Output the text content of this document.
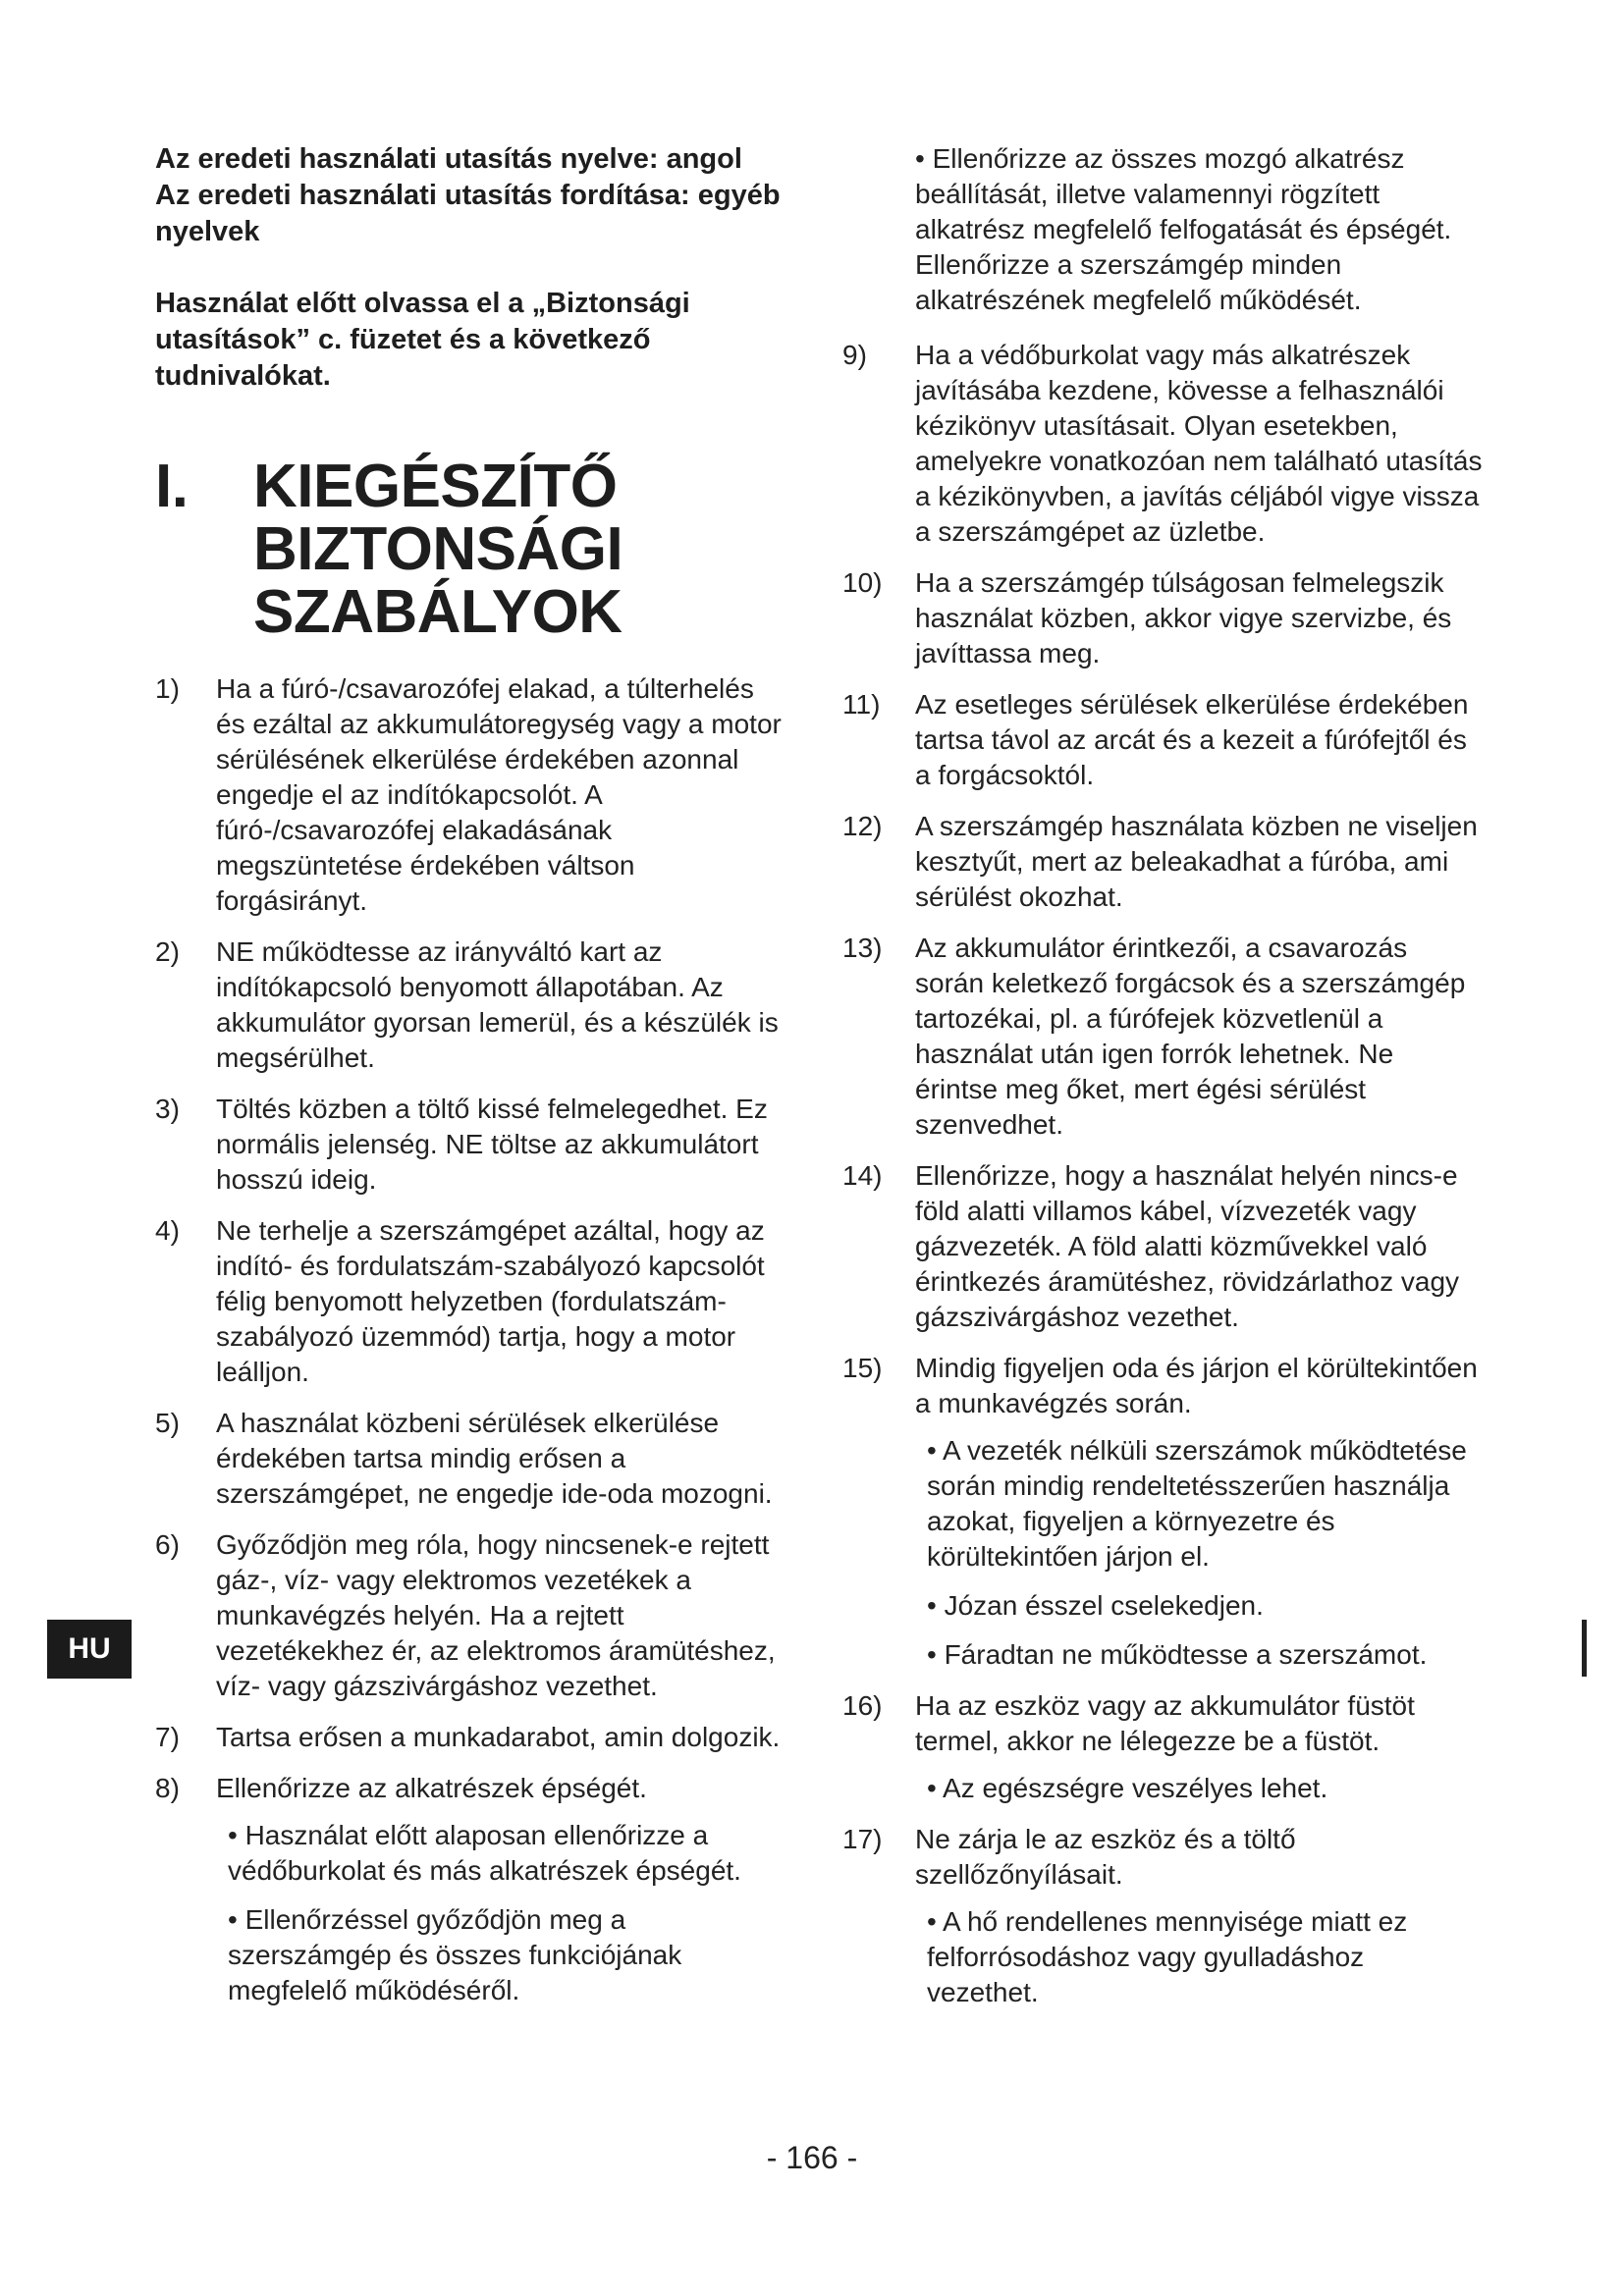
Az eredeti használati utasítás nyelve: angol Az eredeti használati utasítás fordítása: egyéb nyelvek

Használat előtt olvassa el a „Biztonsági utasítások” c. füzetet és a következő tudnivalókat.

I.	KIEGÉSZÍTŐ
BIZTONSÁGI
SZABÁLYOK
1) Ha a fúró-/csavarozófej elakad, a túlterhelés és ezáltal az akkumulátoregység vagy a motor sérülésének elkerülése érdekében azonnal engedje el az indítókapcsolót. A fúró-/csavarozófej elakadásának megszüntetése érdekében váltson forgásirányt.

2) NE működtesse az irányváltó kart az indítókapcsoló benyomott állapotában. Az akkumulátor gyorsan lemerül, és a készülék is megsérülhet.

3) Töltés közben a töltő kissé felmelegedhet. Ez normális jelenség. NE töltse az akkumulátort hosszú ideig.

4) Ne terhelje a szerszámgépet azáltal, hogy az indító- és fordulatszám-szabályozó kapcsolót félig benyomott helyzetben (fordulatszám-szabályozó üzemmód) tartja, hogy a motor leálljon.

5) A használat közbeni sérülések elkerülése érdekében tartsa mindig erősen a szerszámgépet, ne engedje ide-oda mozogni.

6) Győződjön meg róla, hogy nincsenek-e rejtett gáz-, víz- vagy elektromos vezetékek a munkavégzés helyén. Ha a rejtett vezetékekhez ér, az elektromos áramütéshez, víz- vagy gázszivárgáshoz vezethet.

7) Tartsa erősen a munkadarabot, amin dolgozik.

8) Ellenőrizze az alkatrészek épségét.

• Használat előtt alaposan ellenőrizze a védőburkolat és más alkatrészek épségét.

• Ellenőrzéssel győződjön meg a szerszámgép és összes funkciójának megfelelő működéséről.

• Ellenőrizze az összes mozgó alkatrész beállítását, illetve valamennyi rögzített alkatrész megfelelő felfogatását és épségét. Ellenőrizze a szerszámgép minden alkatrészének megfelelő működését.

9) Ha a védőburkolat vagy más alkatrészek javításába kezdene, kövesse a felhasználói kézikönyv utasításait. Olyan esetekben, amelyekre vonatkozóan nem található utasítás a kézikönyvben, a javítás céljából vigye vissza a szerszámgépet az üzletbe.

10) Ha a szerszámgép túlságosan felmelegszik használat közben, akkor vigye szervizbe, és javíttassa meg.

11) Az esetleges sérülések elkerülése érdekében tartsa távol az arcát és a kezeit a fúrófejtől és a forgácsoktól.

12) A szerszámgép használata közben ne viseljen kesztyűt, mert az beleakadhat a fúróba, ami sérülést okozhat.

13) Az akkumulátor érintkezői, a csavarozás során keletkező forgácsok és a szerszámgép tartozékai, pl. a fúrófejek közvetlenül a használat után igen forrók lehetnek. Ne érintse meg őket, mert égési sérülést szenvedhet.

14) Ellenőrizze, hogy a használat helyén nincs-e föld alatti villamos kábel, vízvezeték vagy gázvezeték. A föld alatti közművekkel való érintkezés áramütéshez, rövidzárlathoz vagy gázszivárgáshoz vezethet.

15) Mindig figyeljen oda és járjon el körültekintően a munkavégzés során.

• A vezeték nélküli szerszámok működtetése során mindig rendeltetésszerűen használja azokat, figyeljen a környezetre és körültekintően járjon el.

• Józan ésszel cselekedjen.

• Fáradtan ne működtesse a szerszámot.

16) Ha az eszköz vagy az akkumulátor füstöt termel, akkor ne lélegezze be a füstöt.

• Az egészségre veszélyes lehet.

17) Ne zárja le az eszköz és a töltő szellőzőnyílásait.

• A hő rendellenes mennyisége miatt ez felforrósodáshoz vagy gyulladáshoz vezethet.

HU
- 166 -
